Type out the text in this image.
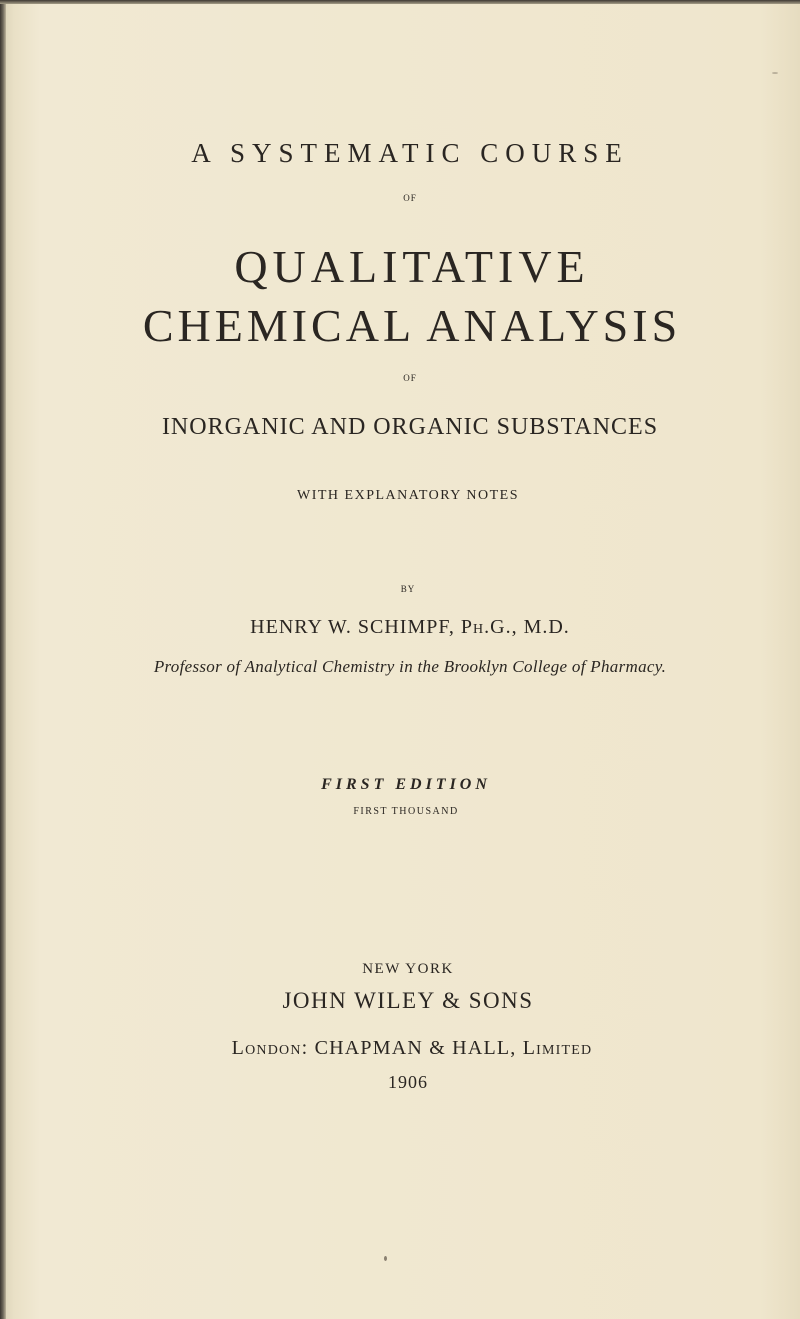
A SYSTEMATIC COURSE
OF
QUALITATIVE
CHEMICAL ANALYSIS
OF
INORGANIC AND ORGANIC SUBSTANCES
WITH EXPLANATORY NOTES
BY
HENRY W. SCHIMPF, Ph.G., M.D.
Professor of Analytical Chemistry in the Brooklyn College of Pharmacy.
FIRST EDITION
FIRST THOUSAND
NEW YORK
JOHN WILEY & SONS
London: CHAPMAN & HALL, Limited
1906
